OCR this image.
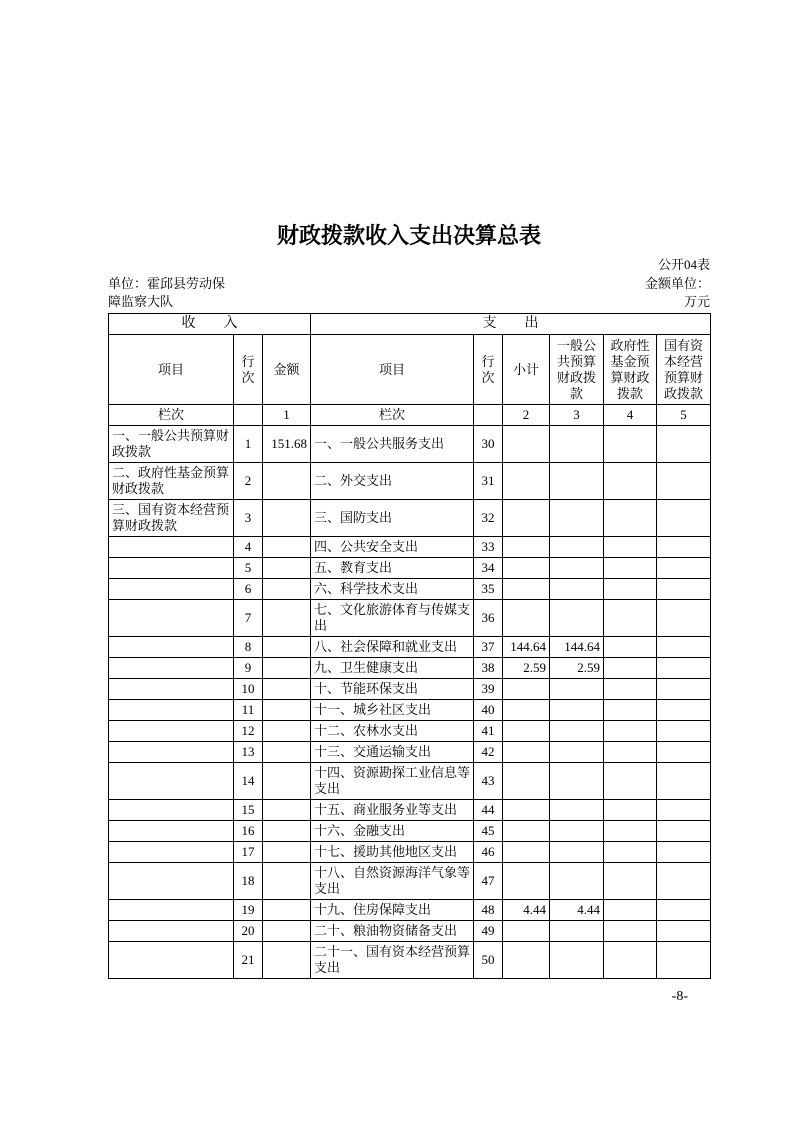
财政拨款收入支出决算总表
公开04表
单位：霍邱县劳动保
障监察大队
金额单位：
万元
收　　入			支　　出					
项目	行次	金额	项目	行次	小计	一般公共预算财政拨款	政府性基金预算财政拨款	国有资本经营预算财政拨款
栏次		1	栏次		2	3	4	5
一、一般公共预算财政拨款	1	151.68	一、一般公共服务支出	30				
二、政府性基金预算财政拨款	2		二、外交支出	31				
三、国有资本经营预算财政拨款	3		三、国防支出	32				
	4		四、公共安全支出	33				
	5		五、教育支出	34				
	6		六、科学技术支出	35				
	7		七、文化旅游体育与传媒支出	36				
	8		八、社会保障和就业支出	37	144.64	144.64		
	9		九、卫生健康支出	38	2.59	2.59		
	10		十、节能环保支出	39				
	11		十一、城乡社区支出	40				
	12		十二、农林水支出	41				
	13		十三、交通运输支出	42				
	14		十四、资源勘探工业信息等支出	43				
	15		十五、商业服务业等支出	44				
	16		十六、金融支出	45				
	17		十七、援助其他地区支出	46				
	18		十八、自然资源海洋气象等支出	47				
	19		十九、住房保障支出	48	4.44	4.44		
	20		二十、粮油物资储备支出	49				
	21		二十一、国有资本经营预算支出	50				
-8-
